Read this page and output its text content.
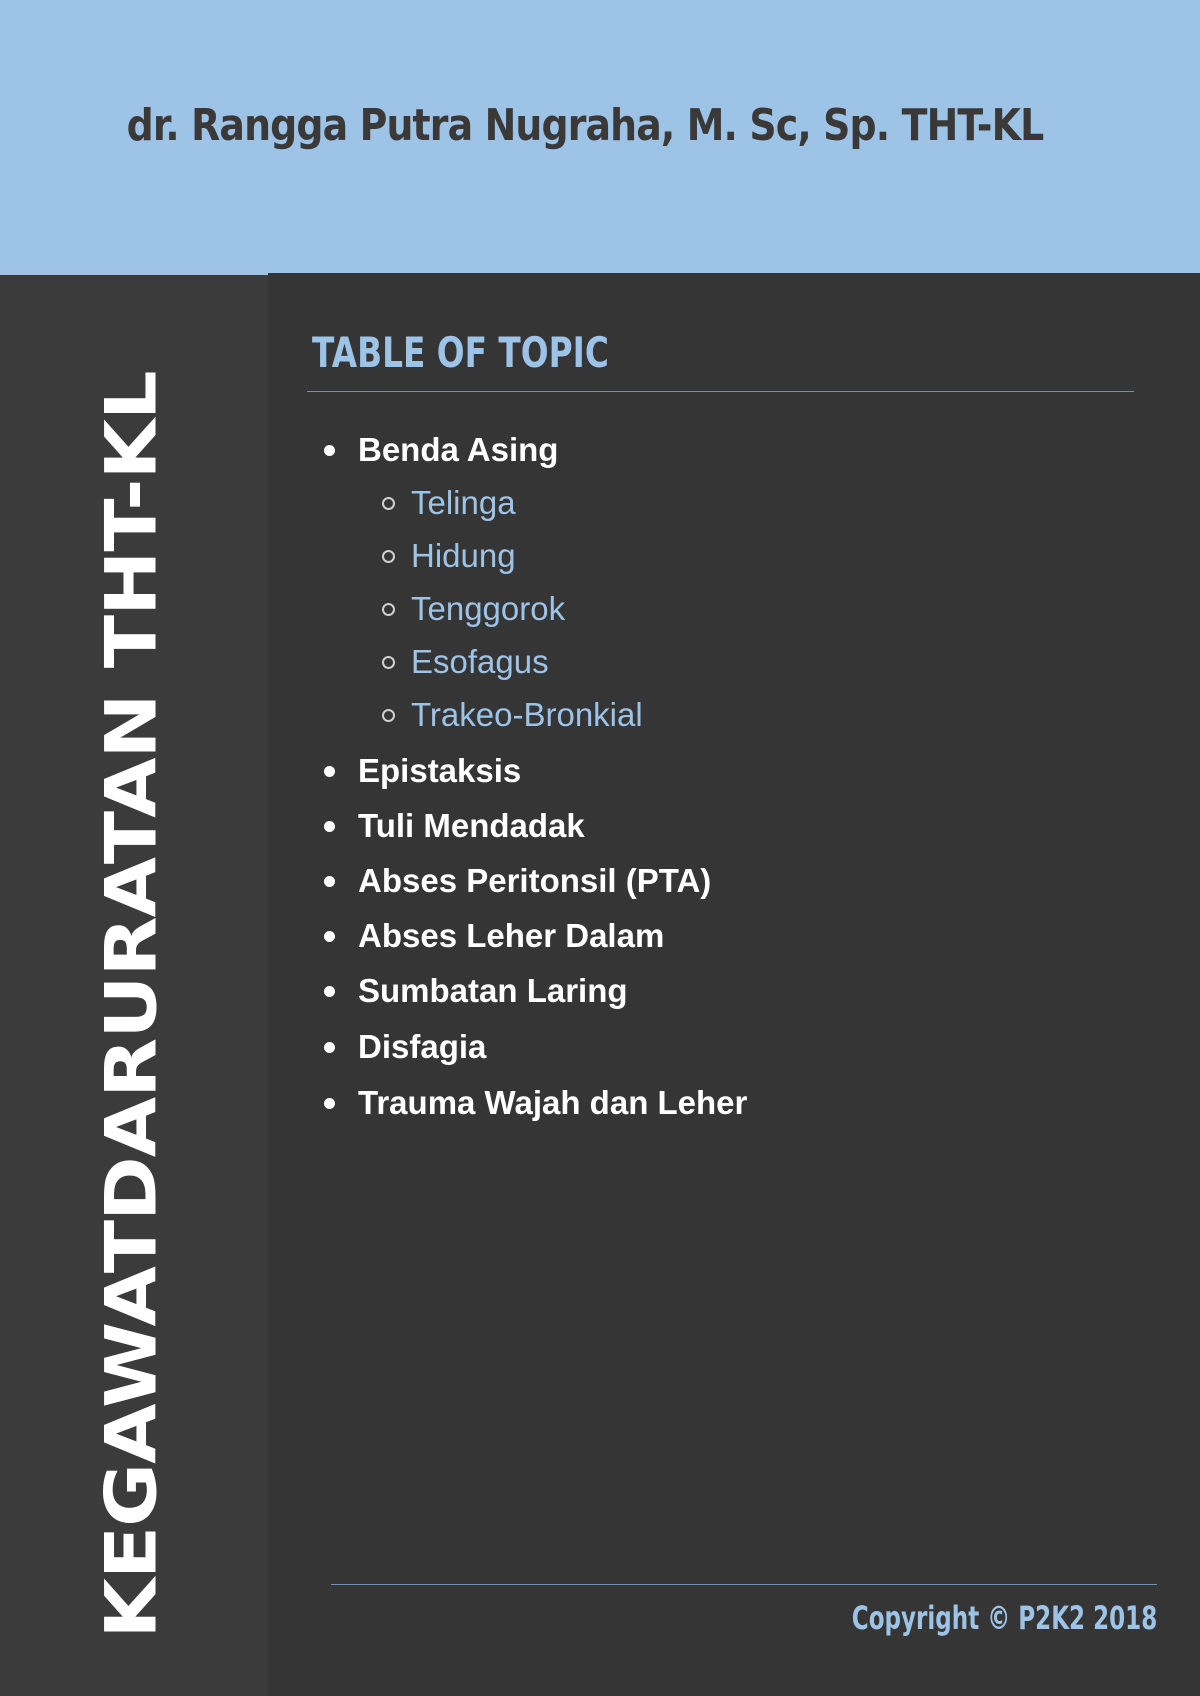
dr. Rangga Putra Nugraha, M. Sc, Sp. THT-KL
KEGAWATDARURATAN THT-KL
TABLE OF TOPIC
Benda Asing
Telinga
Hidung
Tenggorok
Esofagus
Trakeo-Bronkial
Epistaksis
Tuli Mendadak
Abses Peritonsil (PTA)
Abses Leher Dalam
Sumbatan Laring
Disfagia
Trauma Wajah dan Leher
Copyright © P2K2 2018
